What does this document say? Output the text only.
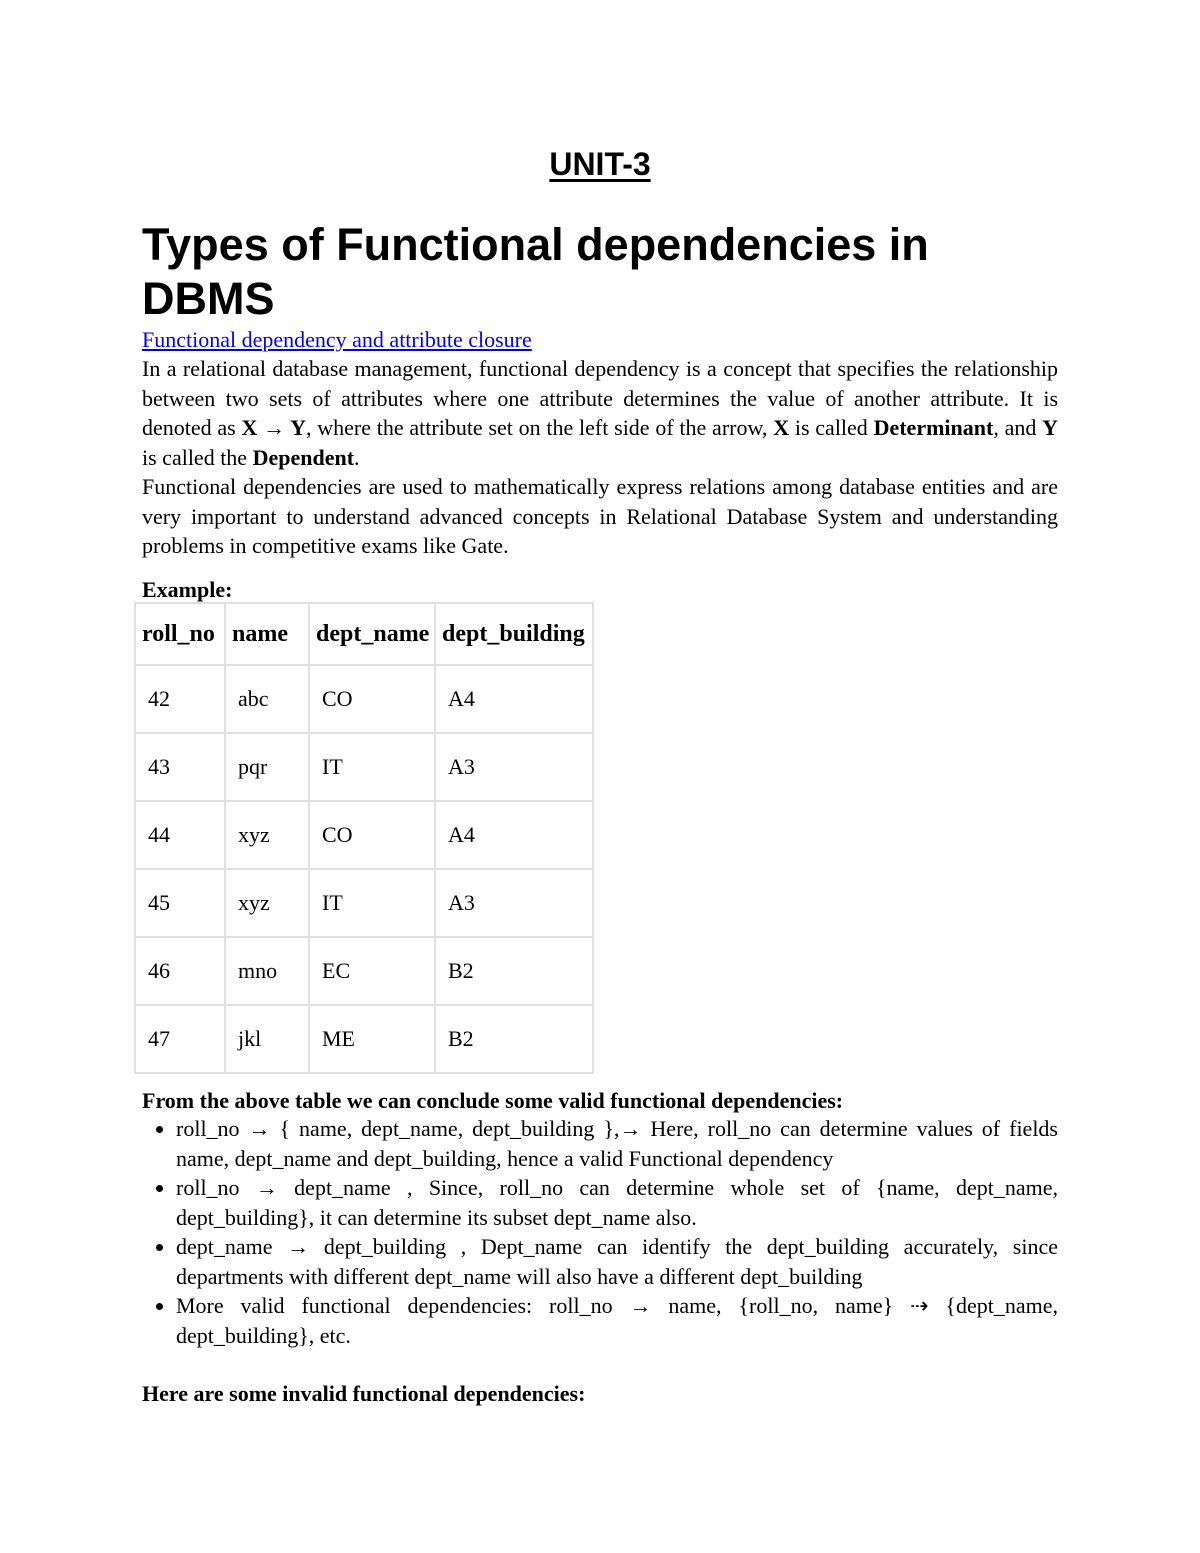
UNIT-3
Types of Functional dependencies in DBMS
Functional dependency and attribute closure

In a relational database management, functional dependency is a concept that specifies the relationship between two sets of attributes where one attribute determines the value of another attribute. It is denoted as X → Y, where the attribute set on the left side of the arrow, X is called Determinant, and Y is called the Dependent.

Functional dependencies are used to mathematically express relations among database entities and are very important to understand advanced concepts in Relational Database System and understanding problems in competitive exams like Gate.

Example:
roll_no	name	dept_name	dept_building
42	abc	CO	A4
43	pqr	IT	A3
44	xyz	CO	A4
45	xyz	IT	A3
46	mno	EC	B2
47	jkl	ME	B2
From the above table we can conclude some valid functional dependencies:
• roll_no → { name, dept_name, dept_building },→ Here, roll_no can determine values of fields name, dept_name and dept_building, hence a valid Functional dependency
• roll_no → dept_name , Since, roll_no can determine whole set of {name, dept_name, dept_building}, it can determine its subset dept_name also.
• dept_name → dept_building , Dept_name can identify the dept_building accurately, since departments with different dept_name will also have a different dept_building
• More valid functional dependencies: roll_no → name, {roll_no, name} ⇢ {dept_name, dept_building}, etc.
Here are some invalid functional dependencies:
